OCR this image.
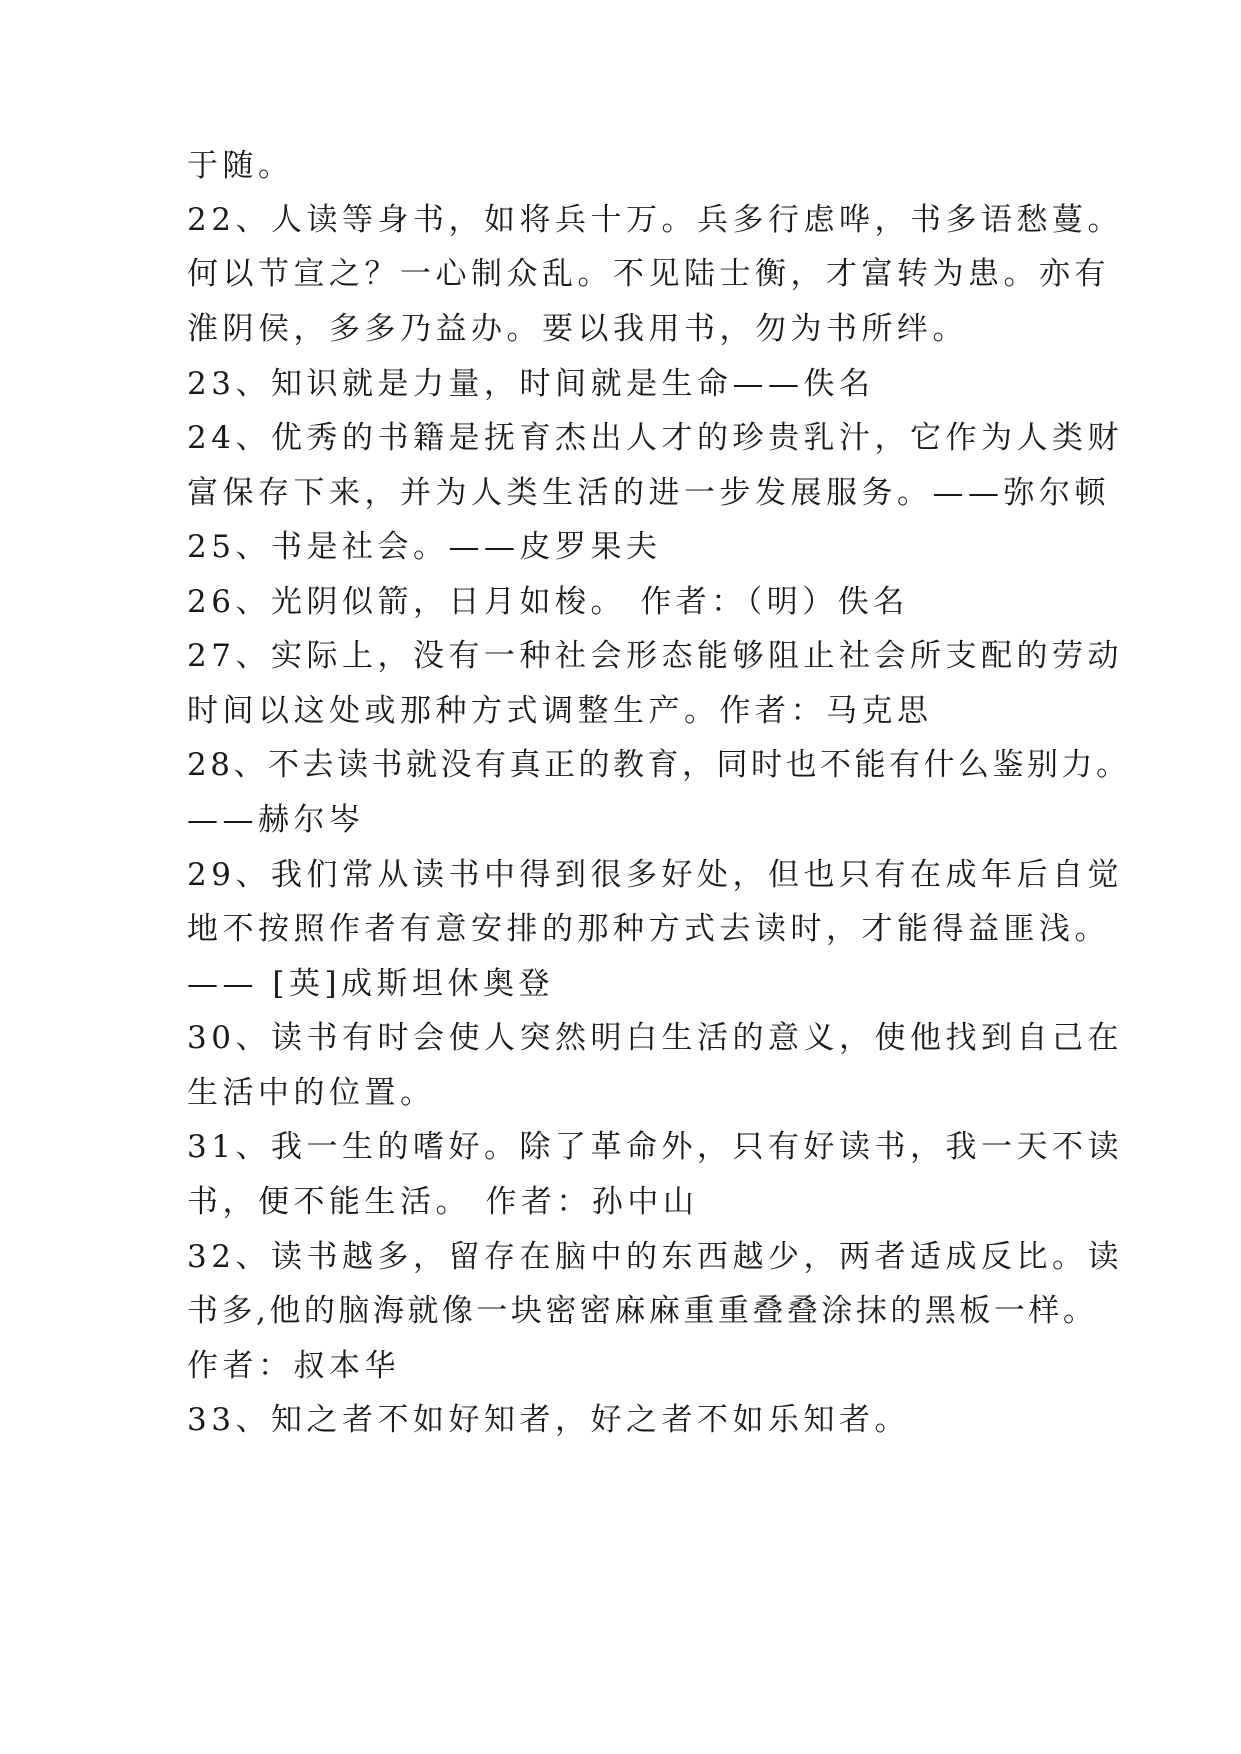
于随。
22、人读等身书，如将兵十万。兵多行虑哗，书多语愁蔓。
何以节宣之？一心制众乱。不见陆士衡，才富转为患。亦有
淮阴侯，多多乃益办。要以我用书，勿为书所绊。
23、知识就是力量，时间就是生命——佚名
24、优秀的书籍是抚育杰出人才的珍贵乳汁，它作为人类财
富保存下来，并为人类生活的进一步发展服务。——弥尔顿
25、书是社会。——皮罗果夫
26、光阴似箭，日月如梭。 作者：（明）佚名
27、实际上，没有一种社会形态能够阻止社会所支配的劳动
时间以这处或那种方式调整生产。作者：马克思
28、不去读书就没有真正的教育，同时也不能有什么鉴别力。
——赫尔岑
29、我们常从读书中得到很多好处，但也只有在成年后自觉
地不按照作者有意安排的那种方式去读时，才能得益匪浅。
—— [英]成斯坦休奥登
30、读书有时会使人突然明白生活的意义，使他找到自己在
生活中的位置。
31、我一生的嗜好。除了革命外，只有好读书，我一天不读
书，便不能生活。 作者：孙中山
32、读书越多，留存在脑中的东西越少，两者适成反比。读
书多,他的脑海就像一块密密麻麻重重叠叠涂抹的黑板一样。
作者：叔本华
33、知之者不如好知者，好之者不如乐知者。
